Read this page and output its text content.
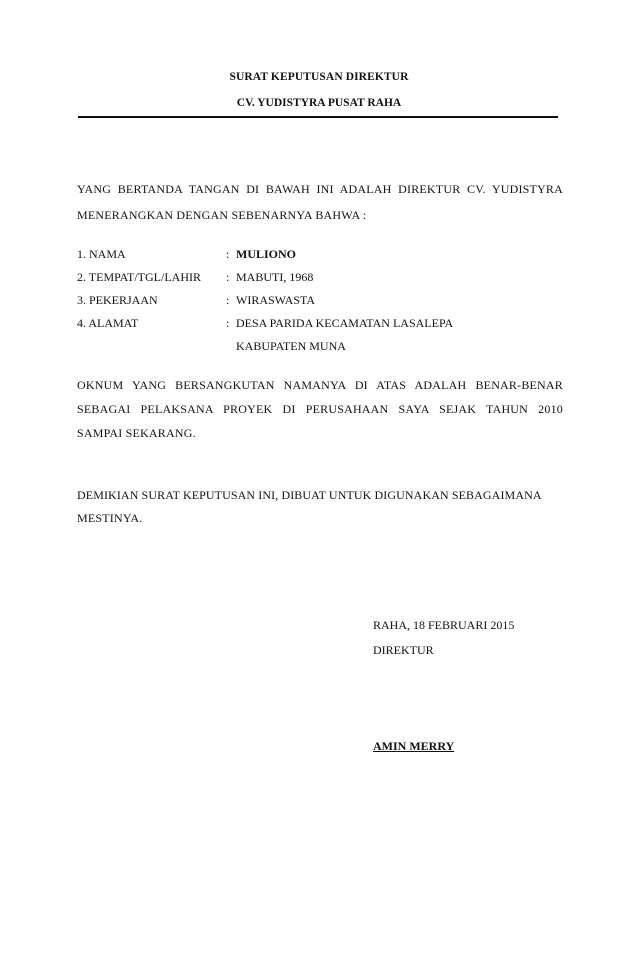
SURAT KEPUTUSAN DIREKTUR
CV. YUDISTYRA PUSAT RAHA
YANG BERTANDA TANGAN DI BAWAH INI ADALAH DIREKTUR CV. YUDISTYRA
MENERANGKAN DENGAN SEBENARNYA BAHWA :
1. NAMA	: MULIONO
2. TEMPAT/TGL/LAHIR : MABUTI, 1968
3. PEKERJAAN	: WIRASWASTA
4. ALAMAT	: DESA PARIDA KECAMATAN LASALEPA
KABUPATEN MUNA
OKNUM YANG BERSANGKUTAN NAMANYA DI ATAS ADALAH BENAR-BENAR
SEBAGAI PELAKSANA PROYEK DI PERUSAHAAN SAYA SEJAK TAHUN 2010
SAMPAI SEKARANG.
DEMIKIAN SURAT KEPUTUSAN INI, DIBUAT UNTUK DIGUNAKAN SEBAGAIMANA
MESTINYA.
RAHA, 18 FEBRUARI 2015
DIREKTUR
AMIN MERRY
